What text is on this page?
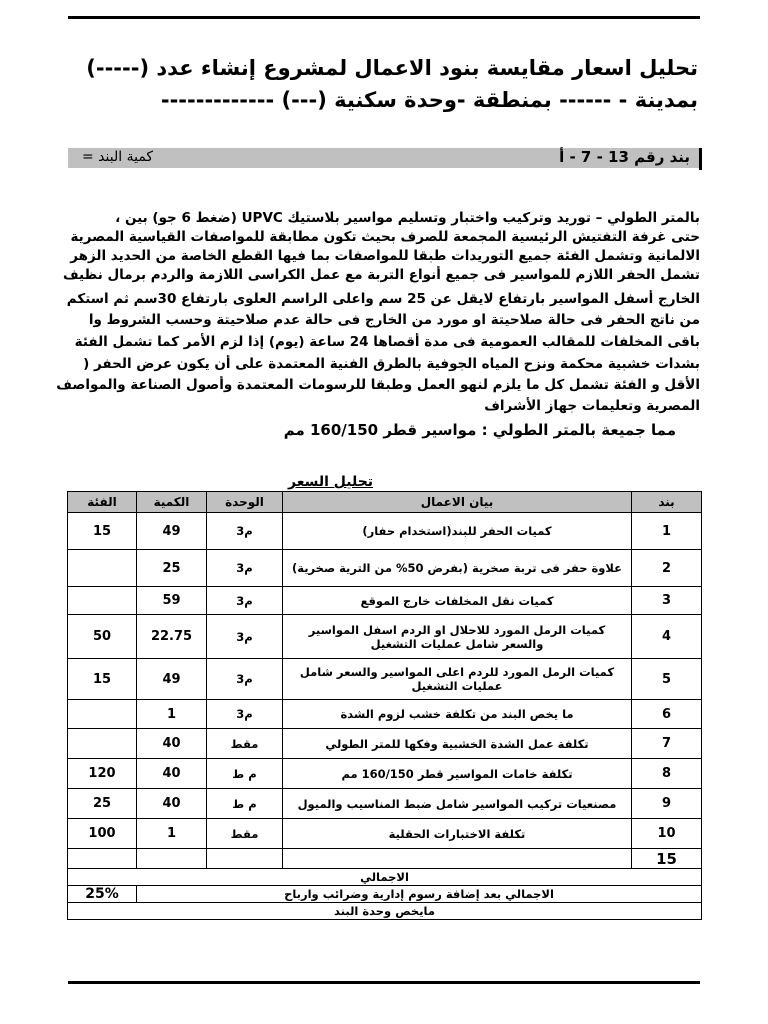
تحليل اسعار مقايسة بنود الاعمال لمشروع إنشاء عدد (-----)
بمدينة - ------ بمنطقة -وحدة سكنية (---) -------------
بند رقم 13 - 7 - أ
كمية البند =
بالمتر الطولي – توريد وتركيب واختبار وتسليم مواسير بلاستيك UPVC (ضغط 6 جو) بين ،
حتى غرفة التفتيش الرئيسية المجمعة للصرف بحيث تكون مطابقة للمواصفات القياسية المصرية
الالمانية وتشمل الفئة جميع التوريدات طبقا للمواصفات بما فيها القطع الخاصة من الحديد الزهر
تشمل الحفر اللازم للمواسير فى جميع أنواع التربة مع عمل الكراسى اللازمة والردم برمال نظيف
الخارج أسفل المواسير بارتفاع لايقل عن 25 سم واعلى الراسم العلوى بارتفاع 30سم ثم استكم
من ناتج الحفر فى حالة صلاحيتة او مورد من الخارج فى حالة عدم صلاحيتة وحسب الشروط وا
باقى المخلفات للمقالب العمومية فى مدة أقصاها 24 ساعة (يوم) إذا لزم الأمر كما تشمل الفئة
بشدات خشبية محكمة ونزح المياه الجوفية بالطرق الفنية المعتمدة على أن يكون عرض الحفر (
الأقل و الفئة تشمل كل ما يلزم لنهو العمل وطبقا للرسومات المعتمدة وأصول الصناعة والمواصف
المصرية وتعليمات جهاز الأشراف
مما جميعة بالمتر الطولي : مواسير قطر 160/150 مم
تحليل السعر
بند	بيان الاعمال	الوحدة	الكمية	الفئة
1	كميات الحفر للبند(استخدام حفار)	م3	49	15
2	علاوة حفر فى تربة صخرية (بفرض 50% من الترية صخرية)	م3	25	
3	كميات نقل المخلفات خارج الموقع	م3	59	
4	كميات الرمل المورد للاحلال او الردم اسفل المواسير والسعر شامل عمليات التشغيل	م3	22.75	50
5	كميات الرمل المورد للردم اعلى المواسير والسعر شامل عمليات التشغيل	م3	49	15
6	ما يخص البند من تكلفة خشب لزوم الشدة	م3	1	
7	تكلفة عمل الشدة الخشبية وفكها للمتر الطولي	مقط	40	
8	تكلفة خامات المواسير قطر 160/150 مم	م ط	40	120
9	مصنعيات تركيب المواسير شامل ضبط المناسيب والميول	م ط	40	25
10	تكلفة الاختبارات الحقلية	مقط	1	100
15				
الاجمالي				
الاجمالي بعد إضافة رسوم إدارية وضرائب وارباح				25%
مايخص وحدة البند				
